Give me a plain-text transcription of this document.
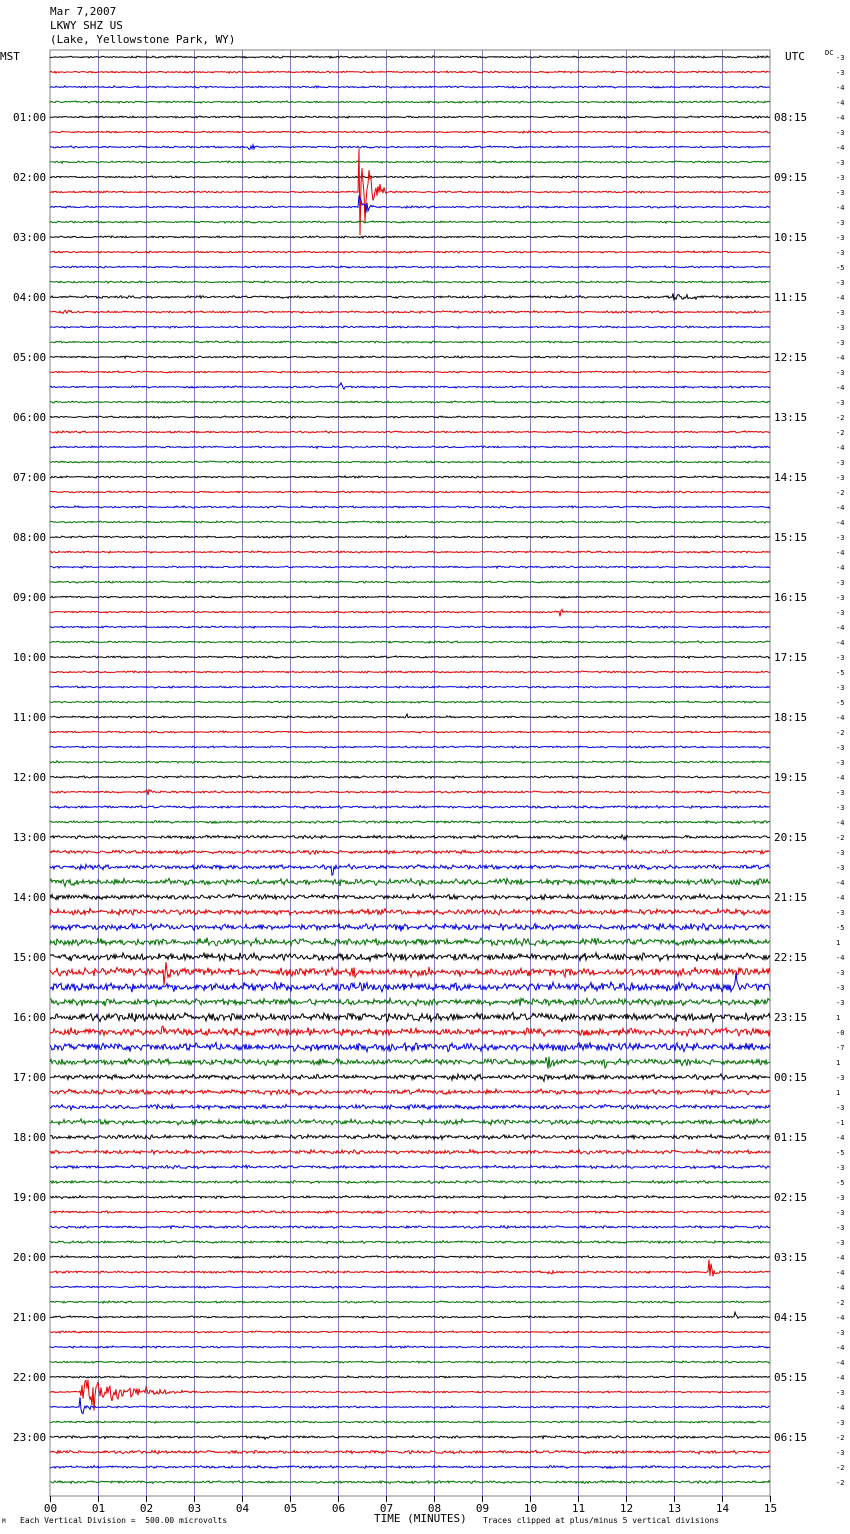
00	01	02	03	04	05	06	07	08	09	10	11	12	13	14	15
-3
-3
-4
-4
-4
01:00	08:15
-3
-4
-3
-3
02:00	09:15
-3
-4
-3
-3
03:00	10:15
-3
-5
-3
-4
04:00	11:15
-3
-3
-3
-4
05:00	12:15
-3
-4
-3
-2
06:00	13:15
-2
-4
-3
-3
07:00	14:15
-2
-4
-4
-3
08:00	15:15
-4
-4
-3
-3
09:00	16:15
-3
-4
-4
-3
10:00	17:15
-5
-3
-5
-4
11:00	18:15
-2
-3
-3
-4
12:00	19:15
-3
-3
-4
-2
13:00	20:15
-3
-3
-4
-4
14:00	21:15
-3
-5
1
-4
15:00	22:15
-3
-3
-3
1
16:00	23:15
-0
-7
1
-3
17:00	00:15
1
-3
-1
-4
18:00	01:15
-5
-3
-5
-3
19:00	02:15
-3
-3
-3
-4
20:00	03:15
-4
-4
-2
-4
21:00	04:15
-3
-4
-4
-4
22:00	05:15
-3
-4
-3
-2
23:00	06:15
-3
-2
-2
Mar 7,2007
LKWY SHZ US
(Lake, Yellowstone Park, WY)
MST	UTC	DC
M Each Vertical Division =  500.00 microvolts	TIME (MINUTES) Traces clipped at plus/minus 5 vertical divisions
